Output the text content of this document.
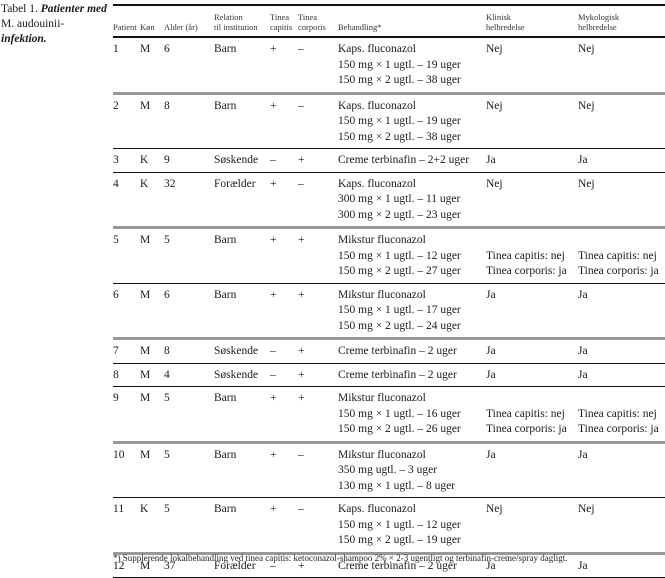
Tabel 1. Patienter med M. audouinii- infektion.
Patient	Køn	Alder (år)	Relation
til institution	Tinea
capitis	Tinea
corporis	Behandling*	Klinisk
helbredelse	Mykologisk
helbredelse

1	M	6	Barn	+	–	Kaps. fluconazol
150 mg × 1 ugtl. – 19 uger
150 mg × 2 ugtl. – 38 uger	Nej	Nej

2	M	8	Barn	+	–	Kaps. fluconazol
150 mg × 1 ugtl. – 19 uger
150 mg × 2 ugtl. – 38 uger	Nej	Nej

3	K	9	Søskende	–	+	Creme terbinafin – 2+2 uger	Ja	Ja

4	K	32	Forælder	+	–	Kaps. fluconazol
300 mg × 1 ugtl. – 11 uger
300 mg × 2 ugtl. – 23 uger	Nej	Nej

5	M	5	Barn	+	+	Mikstur fluconazol
150 mg × 1 ugtl. – 12 uger
150 mg × 2 ugtl. – 27 uger	Tinea capitis: nej
Tinea corporis: ja	Tinea capitis: nej
Tinea corporis: ja

6	M	6	Barn	+	+	Mikstur fluconazol
150 mg × 1 ugtl. – 17 uger
150 mg × 2 ugtl. – 24 uger	Ja	Ja

7	M	8	Søskende	–	+	Creme terbinafin – 2 uger	Ja	Ja

8	M	4	Søskende	–	+	Creme terbinafin – 2 uger	Ja	Ja

9	M	5	Barn	+	+	Mikstur fluconazol
150 mg × 1 ugtl. – 16 uger
150 mg × 2 ugtl. – 26 uger	Tinea capitis: nej
Tinea corporis: ja	Tinea capitis: nej
Tinea corporis: ja

10	M	5	Barn	+	–	Mikstur fluconazol
350 mg ugtl. – 3 uger
130 mg × 1 ugtl. – 8 uger	Ja	Ja

11	K	5	Barn	+	–	Kaps. fluconazol
150 mg × 1 ugtl. – 12 uger
150 mg × 2 ugtl. – 19 uger	Nej	Nej

12	M	37	Forælder	–	+	Creme terbinafin – 2 uger	Ja	Ja
*) Supplerende lokalbehandling ved tinea capitis: ketoconazol-shampoo 2% × 2-3 ugentligt og terbinafin-creme/spray dagligt.
